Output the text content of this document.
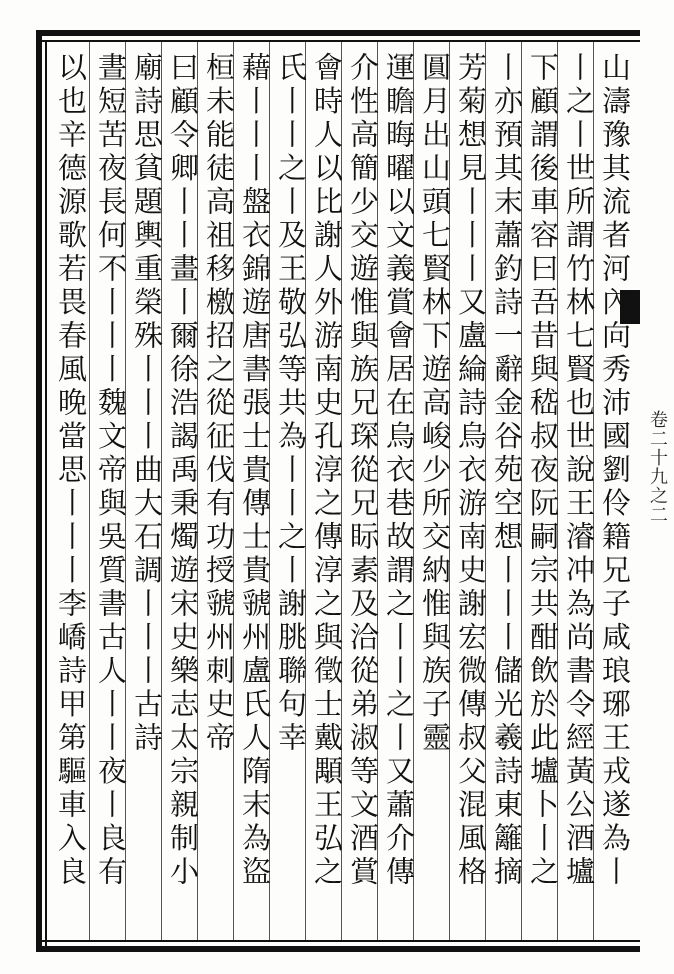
卷二十九之二
山濤豫其流者河內向秀沛國劉伶籍兄子咸琅琊王戎遂為丨
丨之丨世所謂竹林七賢也世說王濬冲為尚書令經黃公酒壚
下顧謂後車容曰吾昔與嵇叔夜阮嗣宗共酣飲於此壚卜丨之
丨亦預其末蕭釣詩一辭金谷苑空想丨丨丨儲光羲詩東籬摘
芳菊想見丨丨丨又盧綸詩烏衣游南史謝宏微傳叔父混風格
圓月出山頭七賢林下遊高峻少所交納惟與族子靈
運瞻晦曜以文義賞會居在烏衣巷故謂之丨丨之丨又蕭介傳
介性高簡少交遊惟與族兄琛從兄眎素及洽從弟淑等文酒賞
會時人以比謝人外游南史孔淳之傳淳之與徵士戴顒王弘之
氏丨丨之丨及王敬弘等共為丨丨之丨謝朓聯句幸
藉丨丨丨盤衣錦遊唐書張士貴傳士貴虢州盧氏人隋末為盜
桓未能徒高祖移檄招之從征伐有功授虢州刺史帝
曰顧令卿丨丨畫丨爾徐浩謁禹秉燭遊宋史樂志太宗親制小
廟詩思貧題輿重榮殊丨丨丨曲大石調丨丨丨古詩
晝短苦夜長何不丨丨丨魏文帝與吳質書古人丨丨夜丨良有
以也辛德源歌若畏春風晚當思丨丨丨李嶠詩甲第驅車入良
